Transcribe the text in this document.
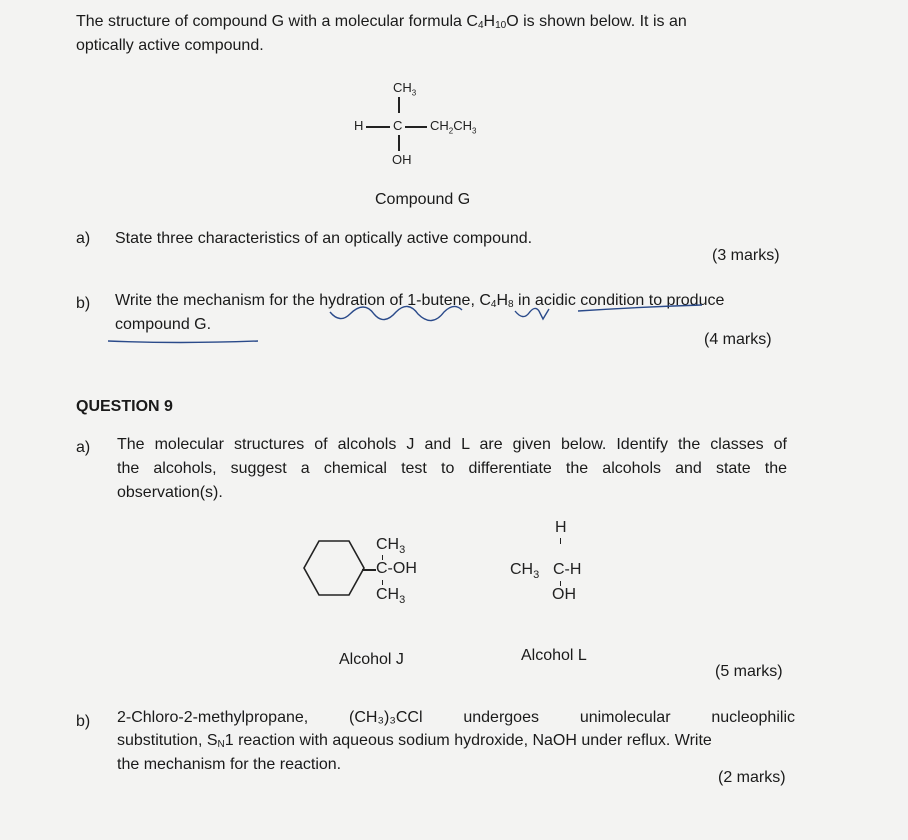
The structure of compound G with a molecular formula $C_4H_{10}O$ is shown below. It is an
optically active compound.
$CH_3$
H C $CH_2CH_3$
OH
Compound G
a) State three characteristics of an optically active compound.
(3 marks)
b) Write the mechanism for the hydration of 1-butene, $C_4H_8$ in acidic condition to produce
compound G.
(4 marks)
QUESTION 9
a) The molecular structures of alcohols J and L are given below. Identify the classes of
the alcohols, suggest a chemical test to differentiate the alcohols and state the
observation(s).
$CH_3$
C-OH
$CH_3$
H
$CH_3$ C-H
OH
Alcohol J	Alcohol L
(5 marks)
b) 2-Chloro-2-methylpropane, (CH₃)₃CCl undergoes unimolecular nucleophilic
substitution, $S_N1$ reaction with aqueous sodium hydroxide, NaOH under reflux. Write
the mechanism for the reaction.
(2 marks)
